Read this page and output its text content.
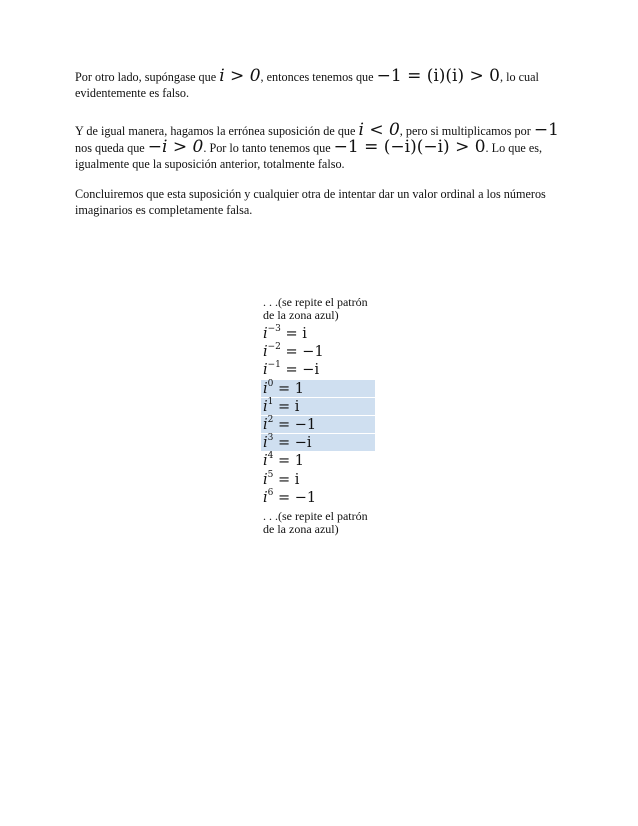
Por otro lado, supóngase que i > 0, entonces tenemos que −1 = (i)(i) > 0, lo cual evidentemente es falso.

Y de igual manera, hagamos la errónea suposición de que i < 0, pero si multiplicamos por −1 nos queda que −i > 0. Por lo tanto tenemos que −1 = (−i)(−i) > 0. Lo que es, igualmente que la suposición anterior, totalmente falso.

Concluiremos que esta suposición y cualquier otra de intentar dar un valor ordinal a los números imaginarios es completamente falsa.

. . .(se repite el patrón de la zona azul)
$i^{-3} = i$
$i^{-2} = -1$
$i^{-1} = -i$
$i^0 = 1$
$i^1 = i$
$i^2 = -1$
$i^3 = -i$
$i^4 = 1$
$i^5 = i$
$i^6 = -1$
. . .(se repite el patrón de la zona azul)
